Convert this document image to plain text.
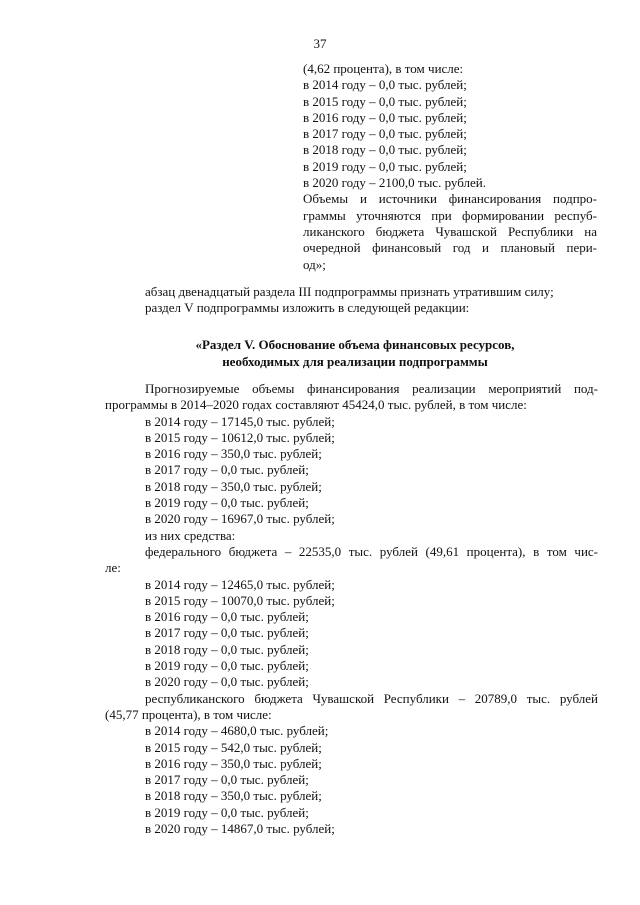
37
(4,62 процента), в том числе:
в 2014 году – 0,0 тыс. рублей;
в 2015 году – 0,0 тыс. рублей;
в 2016 году – 0,0 тыс. рублей;
в 2017 году – 0,0 тыс. рублей;
в 2018 году – 0,0 тыс. рублей;
в 2019 году – 0,0 тыс. рублей;
в 2020 году – 2100,0 тыс. рублей.
Объемы и источники финансирования подпро-
граммы уточняются при формировании респуб-
ликанского бюджета Чувашской Республики на
очередной финансовый год и плановый пери-
од»;
абзац двенадцатый раздела III подпрограммы признать утратившим силу;
раздел V подпрограммы изложить в следующей редакции:
«Раздел V. Обоснование объема финансовых ресурсов,
необходимых для реализации подпрограммы
Прогнозируемые объемы финансирования реализации мероприятий под-
программы в 2014–2020 годах составляют 45424,0 тыс. рублей, в том числе:
в 2014 году – 17145,0 тыс. рублей;
в 2015 году – 10612,0 тыс. рублей;
в 2016 году – 350,0 тыс. рублей;
в 2017 году – 0,0 тыс. рублей;
в 2018 году – 350,0 тыс. рублей;
в 2019 году – 0,0 тыс. рублей;
в 2020 году – 16967,0 тыс. рублей;
из них средства:
федерального бюджета – 22535,0 тыс. рублей (49,61 процента), в том чис-
ле:
в 2014 году – 12465,0 тыс. рублей;
в 2015 году – 10070,0 тыс. рублей;
в 2016 году – 0,0 тыс. рублей;
в 2017 году – 0,0 тыс. рублей;
в 2018 году – 0,0 тыс. рублей;
в 2019 году – 0,0 тыс. рублей;
в 2020 году – 0,0 тыс. рублей;
республиканского бюджета Чувашской Республики – 20789,0 тыс. рублей
(45,77 процента), в том числе:
в 2014 году – 4680,0 тыс. рублей;
в 2015 году – 542,0 тыс. рублей;
в 2016 году – 350,0 тыс. рублей;
в 2017 году – 0,0 тыс. рублей;
в 2018 году – 350,0 тыс. рублей;
в 2019 году – 0,0 тыс. рублей;
в 2020 году – 14867,0 тыс. рублей;
